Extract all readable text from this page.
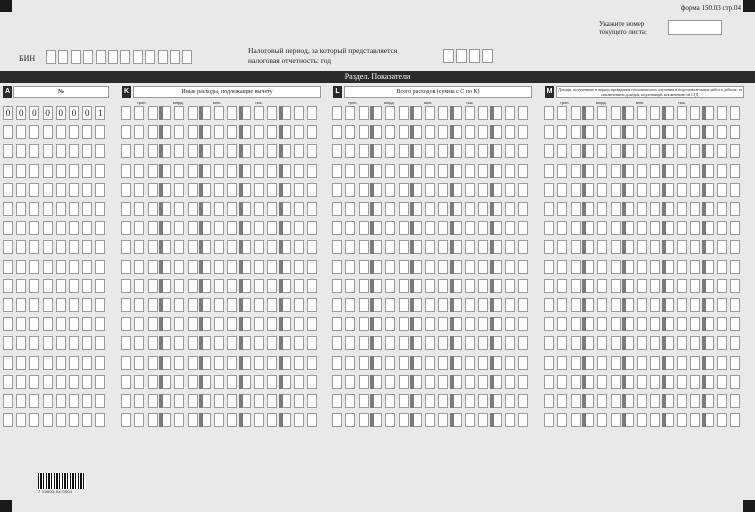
форма 150.03 стр.04
Укажите номер
текущего листа:
БИН
Налоговый период, за который представляется
налоговая отчетность: год
Раздел. Показатели
A	№	K	Иные расходы, подлежащие вычету	L	Всего расходов (сумма с С по К)	M	Доходы, полученные в период проведения геологического изучения и подготовительных работ к добыче, за исключением доходов, подлежащих исключению из СГД
трлн.	млрд.	млн.	тыс.	трлн.	млрд.	млн.	тыс.	трлн.	млрд.	млн.	тыс.
0 0 0 0 0 0 0 1
7 15003 04 0001
